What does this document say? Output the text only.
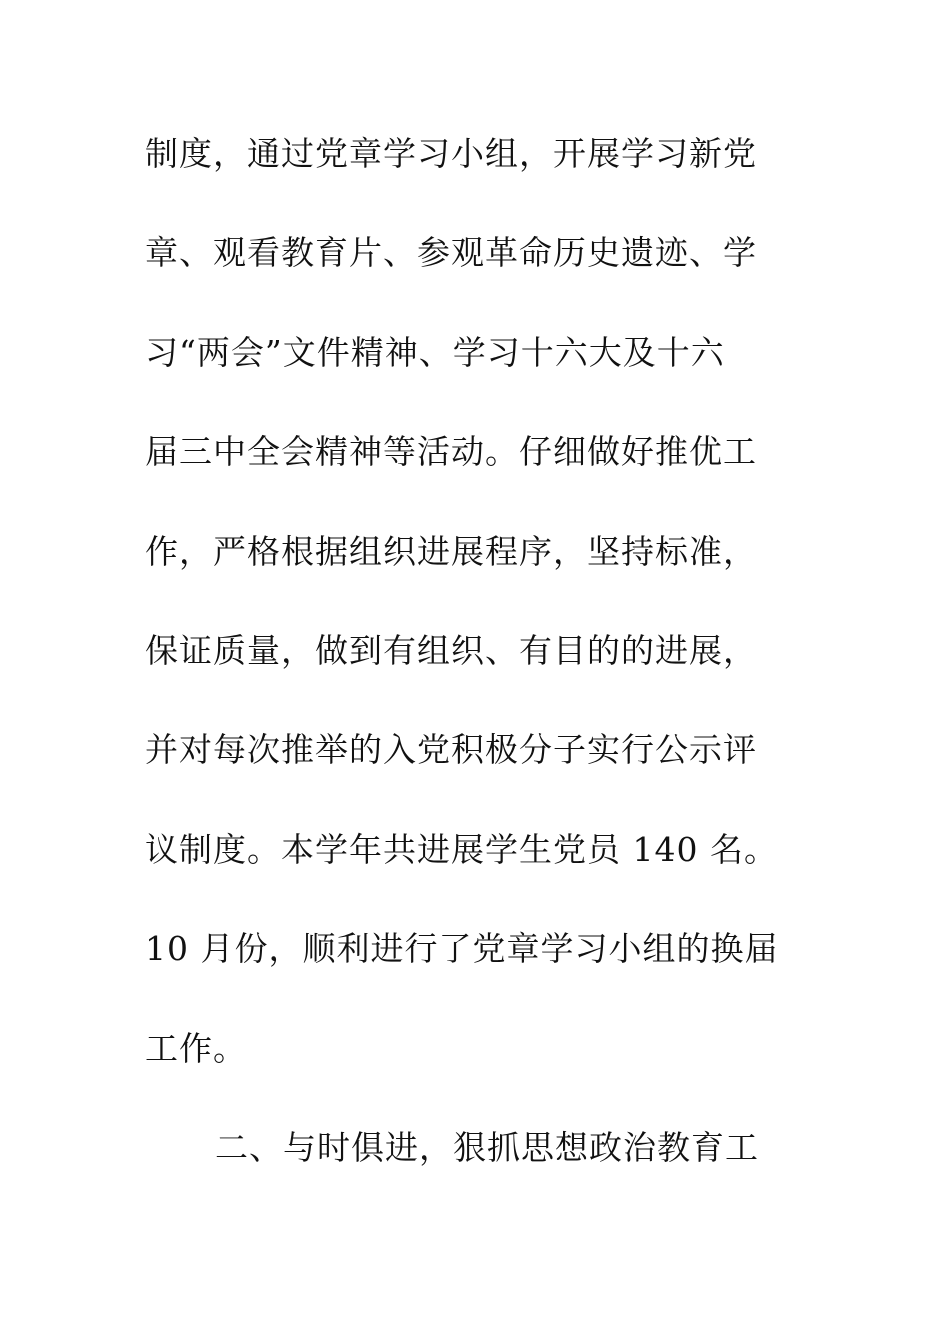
制度，通过党章学习小组，开展学习新党
章、观看教育片、参观革命历史遗迹、学
习“两会”文件精神、学习十六大及十六
届三中全会精神等活动。仔细做好推优工
作，严格根据组织进展程序，坚持标准，
保证质量，做到有组织、有目的的进展，
并对每次推举的入党积极分子实行公示评
议制度。本学年共进展学生党员 140 名。
10 月份，顺利进行了党章学习小组的换届
工作。
二、与时俱进，狠抓思想政治教育工
